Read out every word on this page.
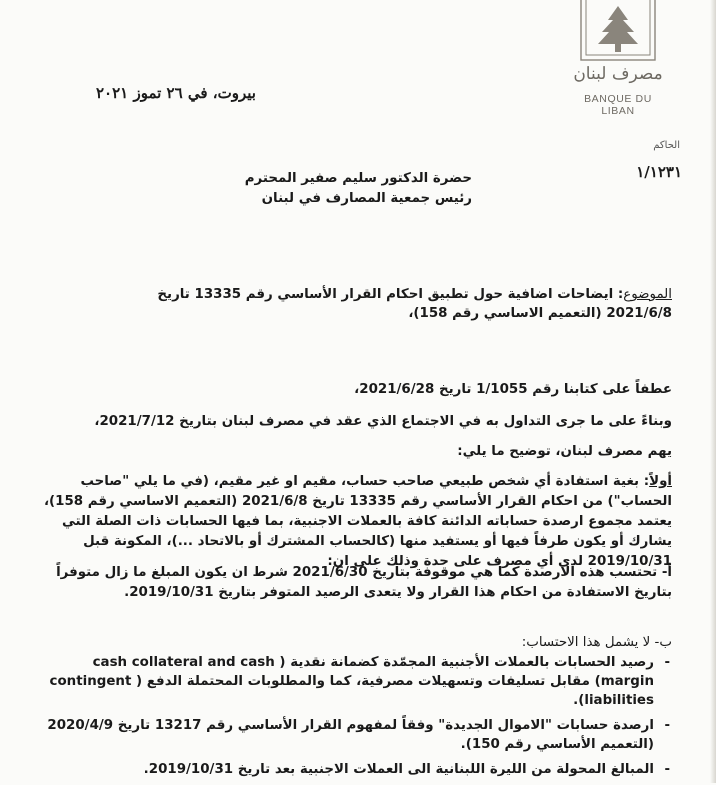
مصرف لبنان
BANQUE DU LIBAN
بيروت، في ٢٦ تموز ٢٠٢١
الحاكم
١/١٢٣١
حضرة الدكتور سليم صفير المحترم
رئيس جمعية المصارف في لبنان
الموضوع: ايضاحات اضافية حول تطبيق احكام القرار الأساسي رقم 13335 تاريخ 2021/6/8 (التعميم الاساسي رقم 158)،
عطفاً على كتابنا رقم 1/1055 تاريخ 2021/6/28،
وبناءً على ما جرى التداول به في الاجتماع الذي عقد في مصرف لبنان بتاريخ 2021/7/12،
يهم مصرف لبنان، توضيح ما يلي:
أولاً: بغية استفادة أي شخص طبيعي صاحب حساب، مقيم او غير مقيم، (في ما يلي "صاحب الحساب") من احكام القرار الأساسي رقم 13335 تاريخ 2021/6/8 (التعميم الاساسي رقم 158)، يعتمد مجموع ارصدة حساباته الدائنة كافة بالعملات الاجنبية، بما فيها الحسابات ذات الصلة التي يشارك أو يكون طرفاً فيها أو يستفيد منها (كالحساب المشترك أو بالاتحاد ...)، المكونة قبل 2019/10/31 لدى أي مصرف على حدة وذلك على ان:
أ- تحتسب هذه الارصدة كما هي موقوفة بتاريخ 2021/6/30 شرط ان يكون المبلغ ما زال متوفراً بتاريخ الاستفادة من احكام هذا القرار ولا يتعدى الرصيد المتوفر بتاريخ 2019/10/31.
ب- لا يشمل هذا الاحتساب:
- رصيد الحسابات بالعملات الأجنبية المجمّدة كضمانة نقدية ( cash collateral and cash margin) مقابل تسليفات وتسهيلات مصرفية، كما والمطلوبات المحتملة الدفع ( contingent liabilities).
- ارصدة حسابات "الاموال الجديدة" وفقاً لمفهوم القرار الأساسي رقم 13217 تاريخ 2020/4/9 (التعميم الأساسي رقم 150).
- المبالغ المحولة من الليرة اللبنانية الى العملات الاجنبية بعد تاريخ 2019/10/31.
